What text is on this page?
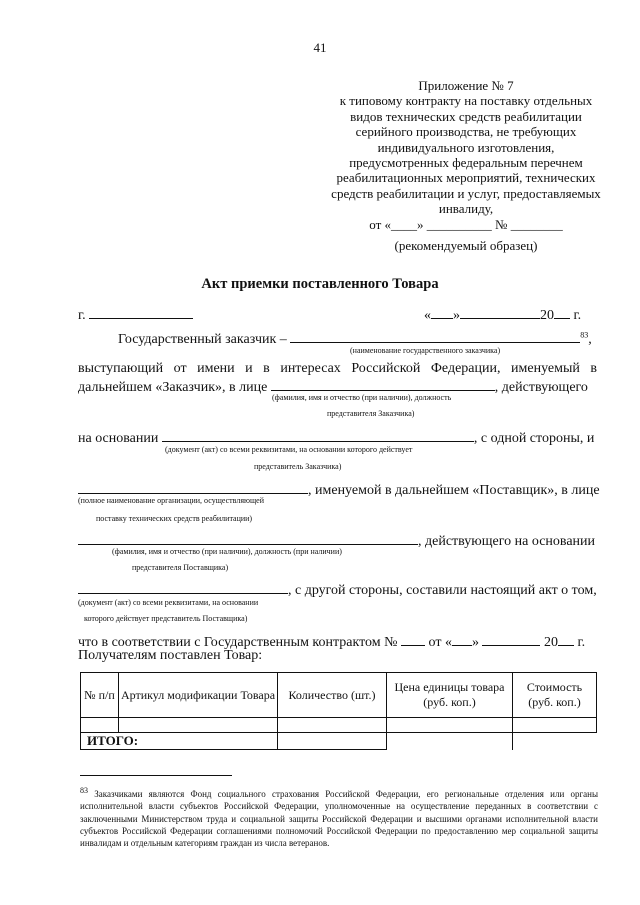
41
Приложение № 7
к типовому контракту на поставку отдельных
видов технических средств реабилитации
серийного производства, не требующих
индивидуального изготовления,
предусмотренных федеральным перечнем
реабилитационных мероприятий, технических
средств реабилитации и услуг, предоставляемых
инвалиду,
от «____» __________ № ________
(рекомендуемый образец)
Акт приемки поставленного Товара
г.	« »	20 г.
Государственный заказчик –	$^{83}$,
(наименование государственного заказчика)
выступающий от имени и в интересах Российской Федерации, именуемый в
дальнейшем «Заказчик», в лице	, действующего
(фамилия, имя и отчество (при наличии), должность
представителя Заказчика)
на основании	, с одной стороны, и
(документ (акт) со всеми реквизитами, на основании которого действует
представитель Заказчика)
, именуемой в дальнейшем «Поставщик», в лице
(полное наименование организации, осуществляющей
поставку технических средств реабилитации)
, действующего на основании
(фамилия, имя и отчество (при наличии), должность (при наличии)
представителя Поставщика)
, с другой стороны, составили настоящий акт о том,
(документ (акт) со всеми реквизитами, на основании
которого действует представитель Поставщика)
что в соответствии с Государственным контрактом № от « »	20 г.
Получателям поставлен Товар:
№ п/п	Артикул модификации Товара	Количество (шт.)	Цена единицы товара (руб. коп.)	Стоимость (руб. коп.)

ИТОГО:				
$^{83}$ Заказчиками являются Фонд социального страхования Российской Федерации, его региональные отделения или органы исполнительной власти субъектов Российской Федерации, уполномоченные на осуществление переданных в соответствии с заключенными Министерством труда и социальной защиты Российской Федерации и высшими органами исполнительной власти субъектов Российской Федерации соглашениями полномочий Российской Федерации по предоставлению мер социальной защиты инвалидам и отдельным категориям граждан из числа ветеранов.
